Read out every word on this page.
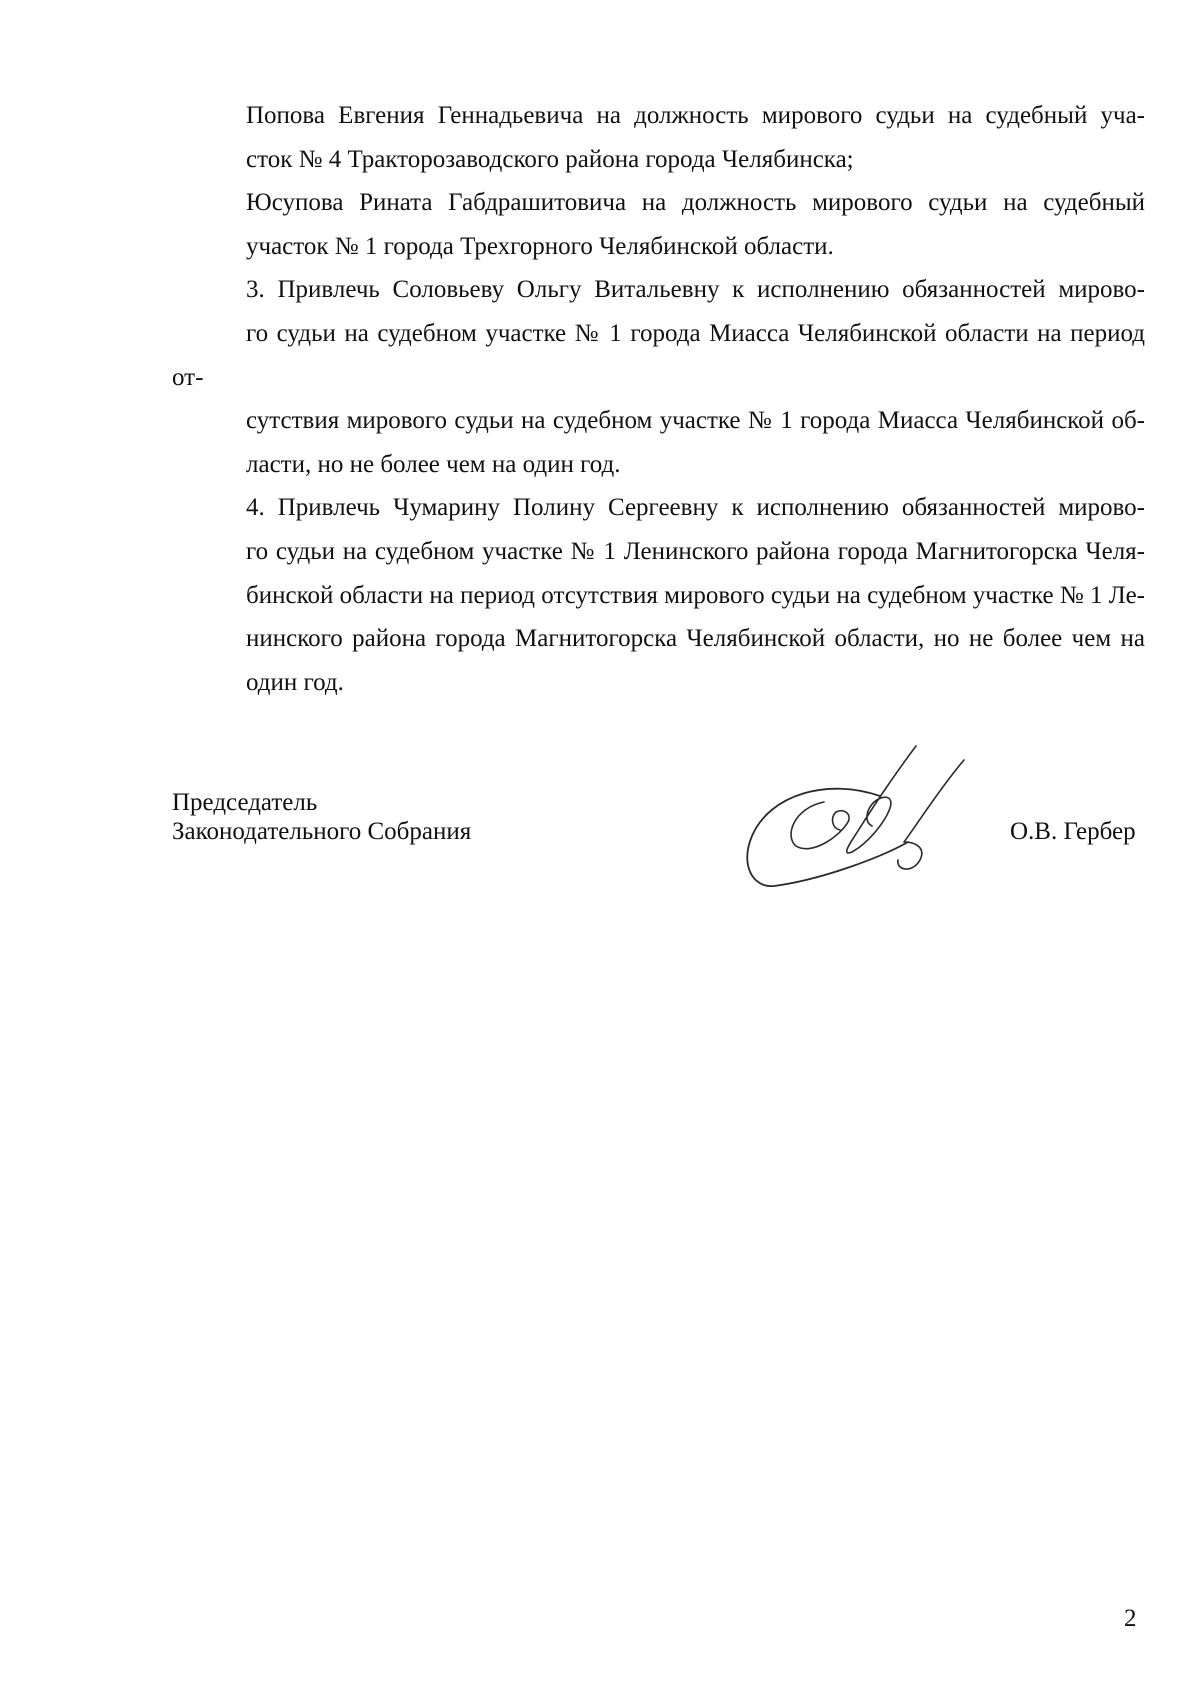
Попова Евгения Геннадьевича на должность мирового судьи на судебный уча-
сток № 4 Тракторозаводского района города Челябинска;

Юсупова Рината Габдрашитовича на должность мирового судьи на судебный
участок № 1 города Трехгорного Челябинской области.

3. Привлечь Соловьеву Ольгу Витальевну к исполнению обязанностей мирово-
го судьи на судебном участке № 1 города Миасса Челябинской области на период от-
сутствия мирового судьи на судебном участке № 1 города Миасса Челябинской об-
ласти, но не более чем на один год.

4. Привлечь Чумарину Полину Сергеевну к исполнению обязанностей мирово-
го судьи на судебном участке № 1 Ленинского района города Магнитогорска Челя-
бинской области на период отсутствия мирового судьи на судебном участке № 1 Ле-
нинского района города Магнитогорска Челябинской области, но не более чем на
один год.

Председатель
Законодательного Собрания	О.В. Гербер
2
